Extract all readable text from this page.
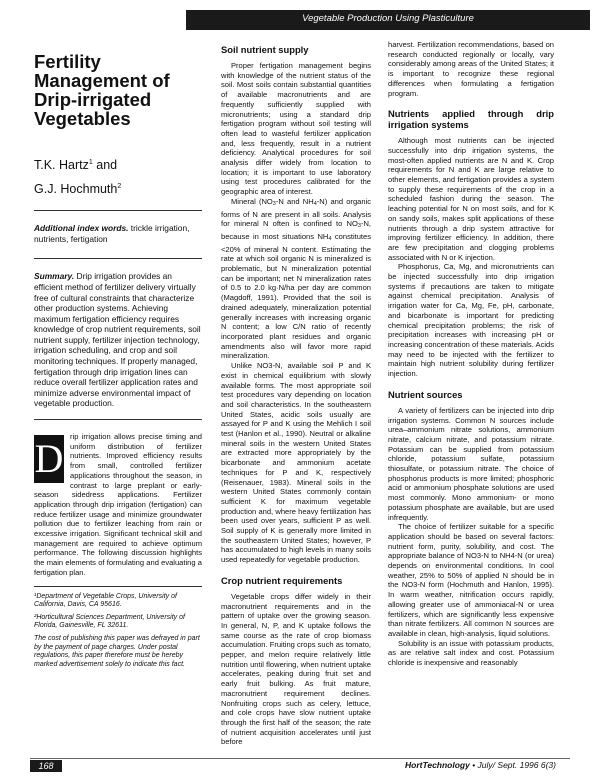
Vegetable Production Using Plasticulture
Fertility Management of Drip-irrigated Vegetables
T.K. Hartz$^1$ and
G.J. Hochmuth$^2$
Additional index words. trickle irrigation, nutrients, fertigation
Summary. Drip irrigation provides an efficient method of fertilizer delivery virtually free of cultural constraints that characterize other production systems. Achieving maximum fertigation efficiency requires knowledge of crop nutrient requirements, soil nutrient supply, fertilizer injection technology, irrigation scheduling, and crop and soil monitoring techniques. If properly managed, fertigation through drip irrigation lines can reduce overall fertilizer application rates and minimize adverse environmental impact of vegetable production.
D rip irrigation allows precise timing and uniform distribution of fertilizer nutrients. Improved efficiency results from small, controlled fertilizer applications throughout the season, in contrast to large preplant or early-season sidedress applications. Fertilizer application through drip irrigation (fertigation) can reduce fertilizer usage and minimize groundwater pollution due to fertilizer leaching from rain or excessive irrigation. Significant technical skill and management are required to achieve optimum performance. The following discussion highlights the main elements of formulating and evaluating a fertigation plan.
¹Department of Vegetable Crops, University of California, Davis, CA 95616.
²Horticultural Sciences Department, University of Florida, Gainesville, FL 32611.
The cost of publishing this paper was defrayed in part by the payment of page charges. Under postal regulations, this paper therefore must be hereby marked advertisement solely to indicate this fact.
Soil nutrient supply

Proper fertigation management begins with knowledge of the nutrient status of the soil. Most soils contain substantial quantities of available macronutrients and are frequently sufficiently supplied with micronutrients; using a standard drip fertigation program without soil testing will often lead to wasteful fertilizer application and, less frequently, result in a nutrient deficiency. Analytical procedures for soil analysis differ widely from location to location; it is important to use laboratory using test procedures calibrated for the geographic area of interest.

Mineral (NO3-N and NH4-N) and organic forms of N are present in all soils. Analysis for mineral N often is confined to NO3-N, because in most situations NH4 constitutes <20% of mineral N content. Estimating the rate at which soil organic N is mineralized is problematic, but N mineralization potential can be important; net N mineralization rates of 0.5 to 2.0 kg·N/ha per day are common (Magdoff, 1991). Provided that the soil is drained adequately, mineralization potential generally increases with increasing organic N content; a low C/N ratio of recently incorporated plant residues and organic amendments also will favor more rapid mineralization.

Unlike NO3-N, available soil P and K exist in chemical equilibrium with slowly available forms. The most appropriate soil test procedures vary depending on location and soil characteristics. In the southeastern United States, acidic soils usually are assayed for P and K using the Mehlich I soil test (Hanlon et al., 1990). Neutral or alkaline mineral soils in the western United States are extracted more appropriately by the bicarbonate and ammonium acetate techniques for P and K, respectively (Reisenauer, 1983). Mineral soils in the western United States commonly contain sufficient K for maximum vegetable production and, where heavy fertilization has been used over years, sufficient P as well. Soil supply of K is generally more limited in the southeastern United States; however, P has accumulated to high levels in many soils used repeatedly for vegetable production.

Crop nutrient requirements

Vegetable crops differ widely in their macronutrient requirements and in the pattern of uptake over the growing season. In general, N, P, and K uptake follows the same course as the rate of crop biomass accumulation. Fruiting crops such as tomato, pepper, and melon require relatively little nutrition until flowering, when nutrient uptake accelerates, peaking during fruit set and early fruit bulking. As fruit mature, macronutrient requirement declines. Nonfruiting crops such as celery, lettuce, and cole crops have slow nutrient uptake through the first half of the season; the rate of nutrient acquisition accelerates until just before

harvest. Fertilization recommendations, based on research conducted regionally or locally, vary considerably among areas of the United States; it is important to recognize these regional differences when formulating a fertigation program.

Nutrients applied through drip irrigation systems

Although most nutrients can be injected successfully into drip irrigation systems, the most-often applied nutrients are N and K. Crop requirements for N and K are large relative to other elements, and fertigation provides a system to supply these requirements of the crop in a scheduled fashion during the season. The leaching potential for N on most soils, and for K on sandy soils, makes split applications of these nutrients through a drip system attractive for improving fertilizer efficiency. In addition, there are few precipitation and clogging problems associated with N or K injection.

Phosphorus, Ca, Mg, and micronutrients can be injected successfully into drip irrigation systems if precautions are taken to mitigate against chemical precipitation. Analysis of irrigation water for Ca, Mg, Fe, pH, carbonate, and bicarbonate is important for predicting chemical precipitation problems; the risk of precipitation increases with increasing pH or increasing concentration of these materials. Acids may need to be injected with the fertilizer to maintain high nutrient solubility during fertilizer injection.

Nutrient sources

A variety of fertilizers can be injected into drip irrigation systems. Common N sources include urea–ammonium nitrate solutions, ammonium nitrate, calcium nitrate, and potassium nitrate. Potassium can be supplied from potassium chloride, potassium sulfate, potassium thiosulfate, or potassium nitrate. The choice of phosphorus products is more limited; phosphoric acid or ammonium phosphate solutions are used most commonly. Mono ammonium- or mono potassium phosphate are available, but are used infrequently.

The choice of fertilizer suitable for a specific application should be based on several factors: nutrient form, purity, solubility, and cost. The appropriate balance of NO3-N to NH4-N (or urea) depends on environmental conditions. In cool weather, 25% to 50% of applied N should be in the NO3-N form (Hochmuth and Hanlon, 1995). In warm weather, nitrification occurs rapidly, allowing greater use of ammoniacal-N or urea fertilizers, which are significantly less expensive than nitrate fertilizers. All common N sources are available in clean, high-analysis, liquid solutions.

Solubility is an issue with potassium products, as are relative salt index and cost. Potassium chloride is inexpensive and reasonably

168	HortTechnology • July/ Sept. 1996 6(3)
